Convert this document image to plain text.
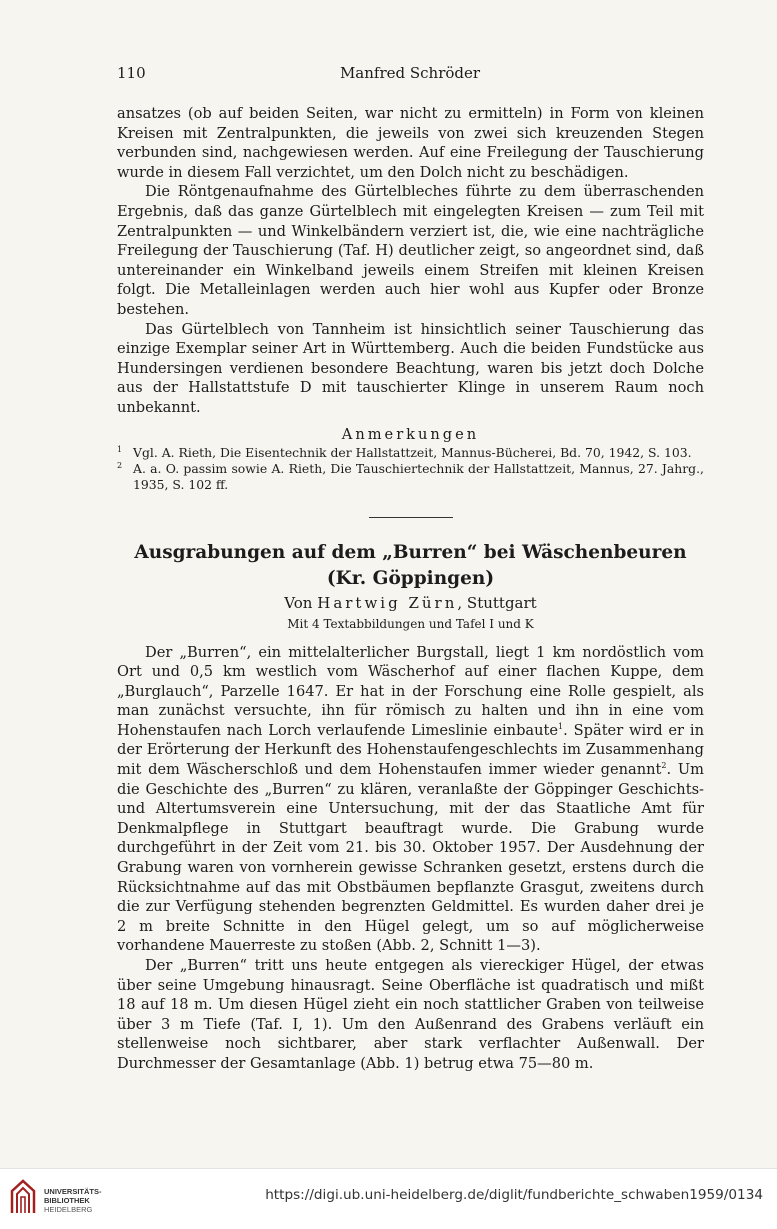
110	Manfred Schröder

ansatzes (ob auf beiden Seiten, war nicht zu ermitteln) in Form von kleinen Kreisen mit Zentralpunkten, die jeweils von zwei sich kreuzenden Stegen verbunden sind, nachgewiesen werden. Auf eine Freilegung der Tauschierung wurde in diesem Fall verzichtet, um den Dolch nicht zu beschädigen.

Die Röntgenaufnahme des Gürtelbleches führte zu dem überraschenden Ergebnis, daß das ganze Gürtelblech mit eingelegten Kreisen — zum Teil mit Zentralpunkten — und Winkelbändern verziert ist, die, wie eine nachträgliche Freilegung der Tauschierung (Taf. H) deutlicher zeigt, so angeordnet sind, daß untereinander ein Winkelband jeweils einem Streifen mit kleinen Kreisen folgt. Die Metalleinlagen werden auch hier wohl aus Kupfer oder Bronze bestehen.

Das Gürtelblech von Tannheim ist hinsichtlich seiner Tauschierung das einzige Exemplar seiner Art in Württemberg. Auch die beiden Fundstücke aus Hundersingen verdienen besondere Beachtung, waren bis jetzt doch Dolche aus der Hallstattstufe D mit tauschierter Klinge in unserem Raum noch unbekannt.

Anmerkungen

1 Vgl. A. Rieth, Die Eisentechnik der Hallstattzeit, Mannus-Bücherei, Bd. 70, 1942, S. 103.

2 A. a. O. passim sowie A. Rieth, Die Tauschiertechnik der Hallstattzeit, Mannus, 27. Jahrg., 1935, S. 102 ff.

Ausgrabungen auf dem „Burren“ bei Wäschenbeuren

(Kr. Göppingen)

Von Hartwig Zürn, Stuttgart

Mit 4 Textabbildungen und Tafel I und K

Der „Burren“, ein mittelalterlicher Burgstall, liegt 1 km nordöstlich vom Ort und 0,5 km westlich vom Wäscherhof auf einer flachen Kuppe, dem „Burglauch“, Parzelle 1647. Er hat in der Forschung eine Rolle gespielt, als man zunächst versuchte, ihn für römisch zu halten und ihn in eine vom Hohenstaufen nach Lorch verlaufende Limeslinie einbaute$^1$. Später wird er in der Erörterung der Herkunft des Hohenstaufengeschlechts im Zusammenhang mit dem Wäscherschloß und dem Hohenstaufen immer wieder genannt$^2$. Um die Geschichte des „Burren“ zu klären, veranlaßte der Göppinger Geschichts- und Altertumsverein eine Untersuchung, mit der das Staatliche Amt für Denkmalpflege in Stuttgart beauftragt wurde. Die Grabung wurde durchgeführt in der Zeit vom 21. bis 30. Oktober 1957. Der Ausdehnung der Grabung waren von vornherein gewisse Schranken gesetzt, erstens durch die Rücksichtnahme auf das mit Obstbäumen bepflanzte Grasgut, zweitens durch die zur Verfügung stehenden begrenzten Geldmittel. Es wurden daher drei je 2 m breite Schnitte in den Hügel gelegt, um so auf möglicherweise vorhandene Mauerreste zu stoßen (Abb. 2, Schnitt 1—3).

Der „Burren“ tritt uns heute entgegen als viereckiger Hügel, der etwas über seine Umgebung hinausragt. Seine Oberfläche ist quadratisch und mißt 18 auf 18 m. Um diesen Hügel zieht ein noch stattlicher Graben von teilweise über 3 m Tiefe (Taf. I, 1). Um den Außenrand des Grabens verläuft ein stellenweise noch sichtbarer, aber stark verflachter Außenwall. Der Durchmesser der Gesamtanlage (Abb. 1) betrug etwa 75—80 m.

UNIVERSITÄTS-
BIBLIOTHEK
HEIDELBERG
https://digi.ub.uni-heidelberg.de/diglit/fundberichte_schwaben1959/0134
